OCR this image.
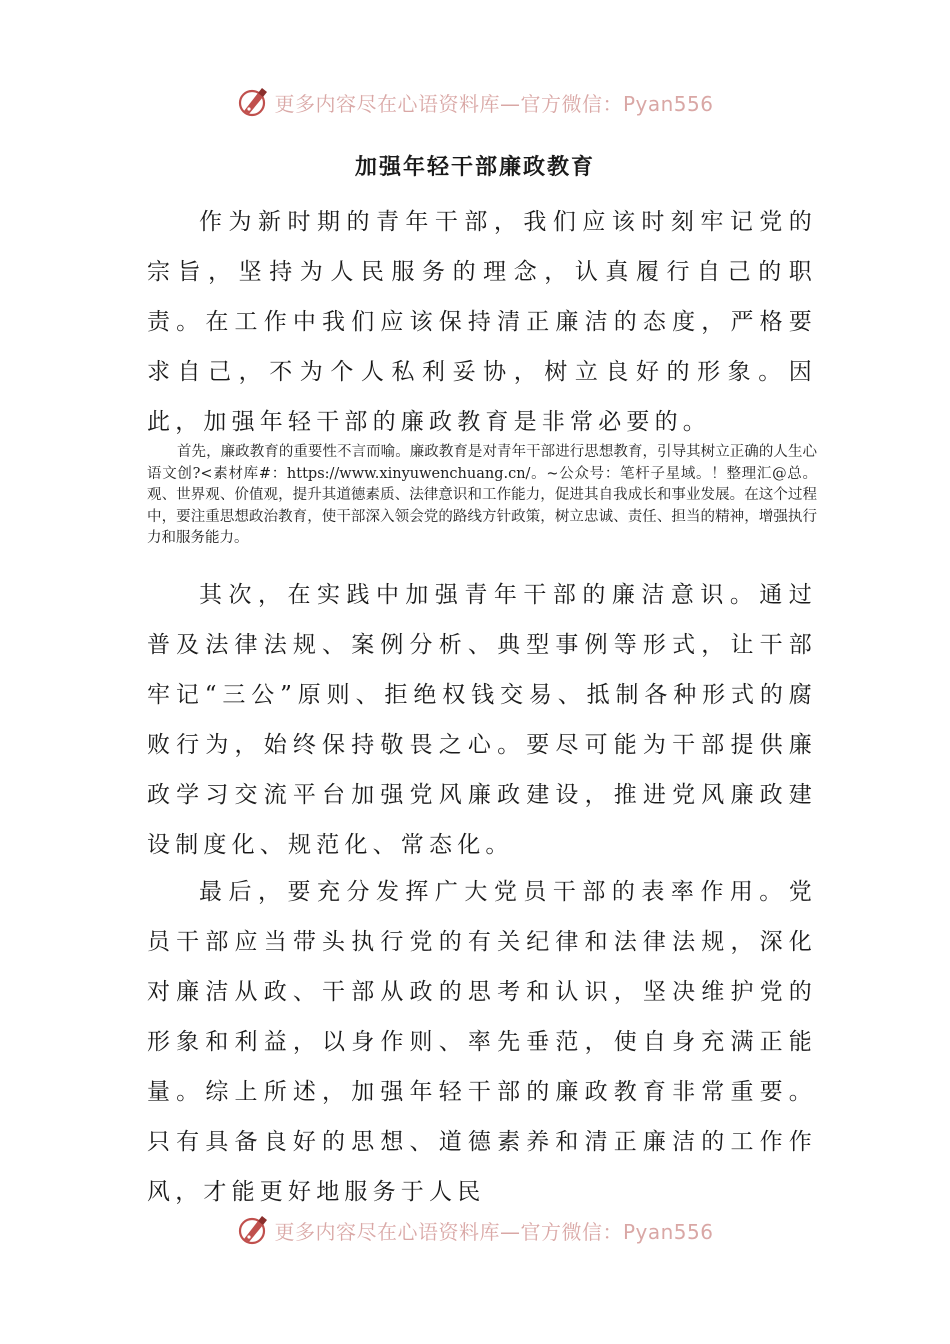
更多内容尽在心语资料库—官方微信：Pyan556
加强年轻干部廉政教育

作为新时期的青年干部，我们应该时刻牢记党的宗旨，坚持为人民服务的理念，认真履行自己的职责。在工作中我们应该保持清正廉洁的态度，严格要求自己，不为个人私利妥协，树立良好的形象。因此，加强年轻干部的廉政教育是非常必要的。

首先，廉政教育的重要性不言而喻。廉政教育是对青年干部进行思想教育，引导其树立正确的人生心语文创?<素材库#：https://www.xinyuwenchuang.cn/。~公众号：笔杆子星域。！整理汇@总。观、世界观、价值观，提升其道德素质、法律意识和工作能力，促进其自我成长和事业发展。在这个过程中，要注重思想政治教育，使干部深入领会党的路线方针政策，树立忠诚、责任、担当的精神，增强执行力和服务能力。

其次，在实践中加强青年干部的廉洁意识。通过普及法律法规、案例分析、典型事例等形式，让干部牢记“三公”原则、拒绝权钱交易、抵制各种形式的腐败行为，始终保持敬畏之心。要尽可能为干部提供廉政学习交流平台加强党风廉政建设，推进党风廉政建设制度化、规范化、常态化。

最后，要充分发挥广大党员干部的表率作用。党员干部应当带头执行党的有关纪律和法律法规，深化对廉洁从政、干部从政的思考和认识，坚决维护党的形象和利益，以身作则、率先垂范，使自身充满正能量。综上所述，加强年轻干部的廉政教育非常重要。只有具备良好的思想、道德素养和清正廉洁的工作作风，才能更好地服务于人民

更多内容尽在心语资料库—官方微信：Pyan556
